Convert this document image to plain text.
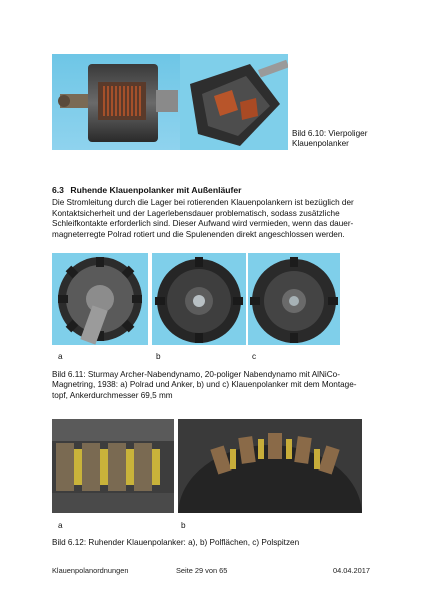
Bild 6.10: Vierpoliger Klauenpolanker
6.3 Ruhende Klauenpolanker mit Außenläufer
Die Stromleitung durch die Lager bei rotierenden Klauenpolankern ist bezüglich der Kontaktsicherheit und der Lagerlebensdauer problematisch, sodass zusätzliche Schleifkontakte erforderlich sind. Dieser Aufwand wird vermieden, wenn das dauer-magneterregte Polrad rotiert und die Spulenenden direkt angeschlossen werden.
a	b	c
Bild 6.11: Sturmay Archer-Nabendynamo, 20-poliger Nabendynamo mit AlNiCo-Magnetring, 1938: a) Polrad und Anker, b) und c) Klauenpolanker mit dem Montage-topf, Ankerdurchmesser 69,5 mm
a	b
Bild 6.12: Ruhender Klauenpolanker: a), b) Polflächen, c) Polspitzen
Klauenpolanordnungen	Seite 29 von 65	04.04.2017
